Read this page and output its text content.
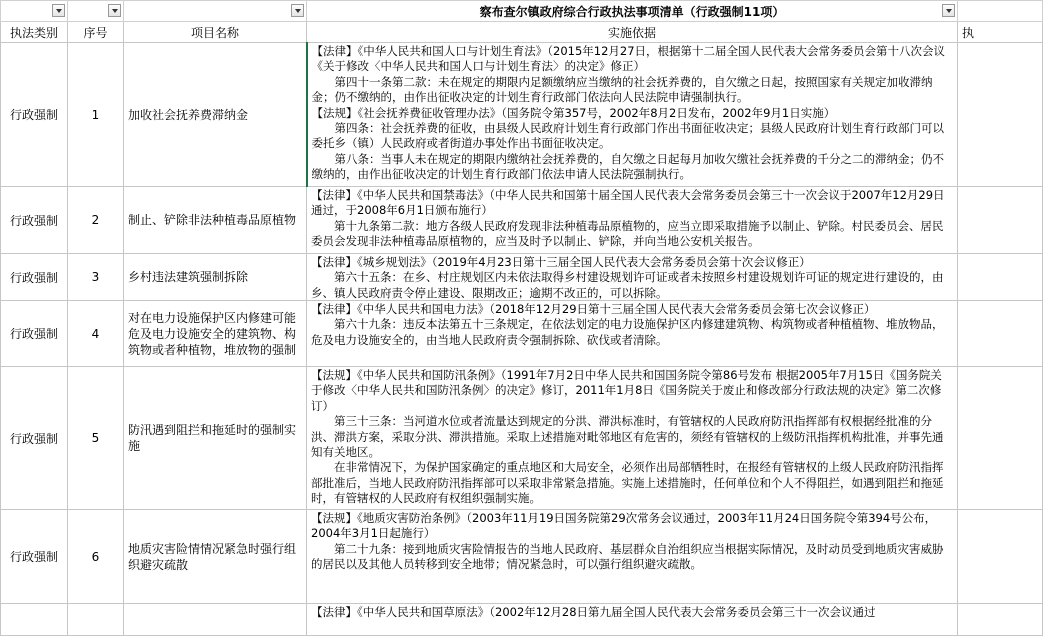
	察布查尔镇政府综合行政执法事项清单（行政强制11项）

执法类别	序号	项目名称	实施依据	执
行政强制	1	加收社会抚养费滞纳金	【法律】《中华人民共和国人口与计划生育法》（2015年12月27日，根据第十二届全国人民代表大会常务委员会第十八次会议《关于修改〈中华人民共和国人口与计划生育法〉的决定》修正）

第四十一条第二款：未在规定的期限内足额缴纳应当缴纳的社会抚养费的，自欠缴之日起，按照国家有关规定加收滞纳金；仍不缴纳的，由作出征收决定的计划生育行政部门依法向人民法院申请强制执行。

【法规】《社会抚养费征收管理办法》（国务院令第357号，2002年8月2日发布，2002年9月1日实施）

第四条：社会抚养费的征收，由县级人民政府计划生育行政部门作出书面征收决定；县级人民政府计划生育行政部门可以委托乡（镇）人民政府或者街道办事处作出书面征收决定。

第八条：当事人未在规定的期限内缴纳社会抚养费的，自欠缴之日起每月加收欠缴社会抚养费的千分之二的滞纳金；仍不缴纳的，由作出征收决定的计划生育行政部门依法申请人民法院强制执行。	

行政强制	2	制止、铲除非法种植毒品原植物	【法律】《中华人民共和国禁毒法》（中华人民共和国第十届全国人民代表大会常务委员会第三十一次会议于2007年12月29日通过，于2008年6月1日颁布施行）

第十九条第二款：地方各级人民政府发现非法种植毒品原植物的，应当立即采取措施予以制止、铲除。村民委员会、居民委员会发现非法种植毒品原植物的，应当及时予以制止、铲除，并向当地公安机关报告。	

行政强制	3	乡村违法建筑强制拆除	【法律】《城乡规划法》（2019年4月23日第十三届全国人民代表大会常务委员会第十次会议修正）

第六十五条：在乡、村庄规划区内未依法取得乡村建设规划许可证或者未按照乡村建设规划许可证的规定进行建设的，由乡、镇人民政府责令停止建设、限期改正；逾期不改正的，可以拆除。	

行政强制	4	对在电力设施保护区内修建可能危及电力设施安全的建筑物、构筑物或者种植物，堆放物的强制	【法律】《中华人民共和国电力法》（2018年12月29日第十三届全国人民代表大会常务委员会第七次会议修正）

第六十九条：违反本法第五十三条规定，在依法划定的电力设施保护区内修建建筑物、构筑物或者种植植物、堆放物品，危及电力设施安全的，由当地人民政府责令强制拆除、砍伐或者清除。	

行政强制	5	防汛遇到阻拦和拖延时的强制实施	【法规】《中华人民共和国防汛条例》（1991年7月2日中华人民共和国国务院令第86号发布 根据2005年7月15日《国务院关于修改〈中华人民共和国防汛条例〉的决定》修订，2011年1月8日《国务院关于废止和修改部分行政法规的决定》第二次修订）

第三十三条：当河道水位或者流量达到规定的分洪、滞洪标准时，有管辖权的人民政府防汛指挥部有权根据经批准的分洪、滞洪方案，采取分洪、滞洪措施。采取上述措施对毗邻地区有危害的，须经有管辖权的上级防汛指挥机构批准，并事先通知有关地区。

在非常情况下，为保护国家确定的重点地区和大局安全，必须作出局部牺牲时，在报经有管辖权的上级人民政府防汛指挥部批准后，当地人民政府防汛指挥部可以采取非常紧急措施。实施上述措施时，任何单位和个人不得阻拦，如遇到阻拦和拖延时，有管辖权的人民政府有权组织强制实施。	

行政强制	6	地质灾害险情情况紧急时强行组织避灾疏散	【法规】《地质灾害防治条例》（2003年11月19日国务院第29次常务会议通过，2003年11月24日国务院令第394号公布，2004年3月1日起施行）

第二十九条：接到地质灾害险情报告的当地人民政府、基层群众自治组织应当根据实际情况，及时动员受到地质灾害威胁的居民以及其他人员转移到安全地带；情况紧急时，可以强行组织避灾疏散。	

			【法律】《中华人民共和国草原法》（2002年12月28日第九届全国人民代表大会常务委员会第三十一次会议通过	
